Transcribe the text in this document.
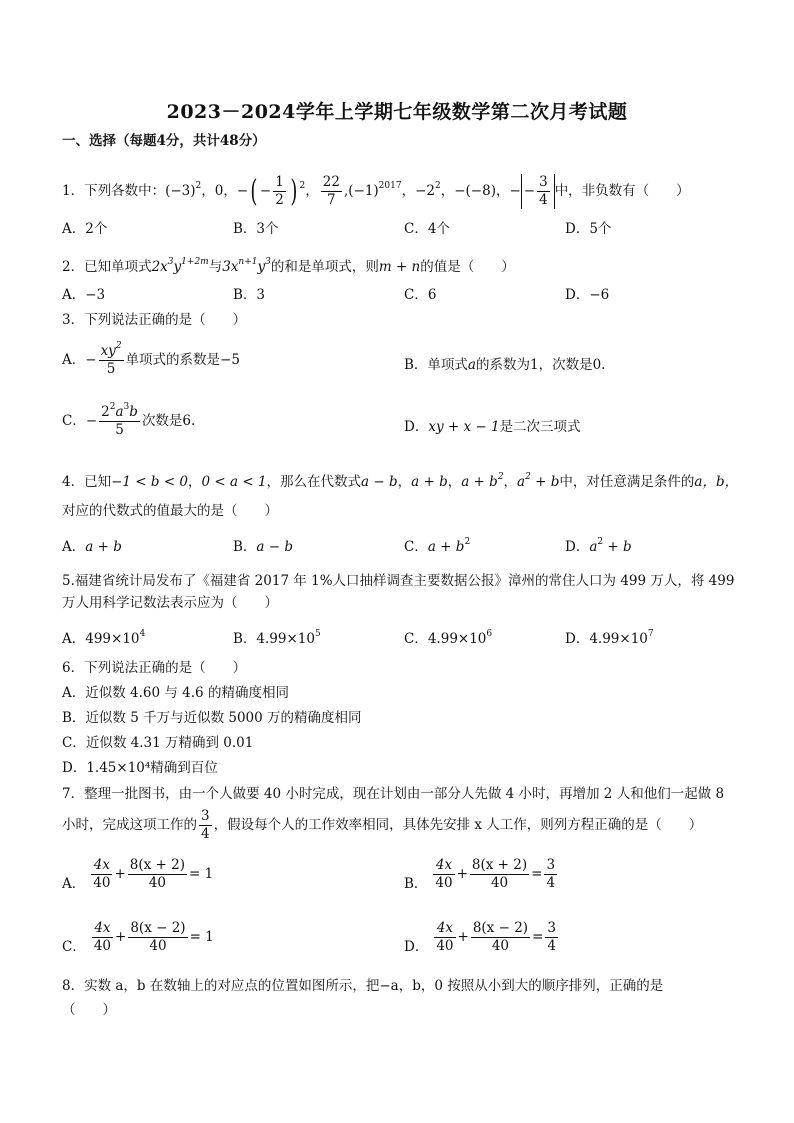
2023－2024学年上学期七年级数学第二次月考试题
一、选择（每题4分，共计48分）
1．下列各数中：$(-3)^2$，0，−( − $\frac{1}{2}$ ) $^2$， $\frac{22}{7} ,(-1)^{2017}$，$-2^2$，−(−8)，− − $\frac{3}{4}$ 中，非负数有（　　）
A．2个	B．3个	C．4个	D．5个
2．已知单项式$2x^3y^{1+2m}$与$3x^{n+1}y^3$的和是单项式，则m + n的值是（　　）
A．−3	B．3	C．6	D．−6
3．下列说法正确的是（　　）
A．− $\frac{xy^2}{5}$ 单项式的系数是−5	B．单项式a的系数为1，次数是0.
C．− $\frac{2^2a^3b}{5}$ 次数是6.	D．xy + x − 1是二次三项式
4．已知−1 < b < 0，0 < a < 1，那么在代数式a − b，a + b，$a + b^2$，$a^2 + b$中，对任意满足条件的a，b，
对应的代数式的值最大的是（　　）
A．a + b	B．a − b	C．$a + b^2$	D．$a^2 + b$
5.福建省统计局发布了《福建省 2017 年 1%人口抽样调查主要数据公报》漳州的常住人口为 499 万人，将 499
万人用科学记数法表示应为（　　）
A．$499\times 10^4$	B．$4.99\times 10^5$	C．$4.99\times 10^6$	D．$4.99\times 10^7$
6．下列说法正确的是（　　）
A．近似数 4.60 与 4.6 的精确度相同
B．近似数 5 千万与近似数 5000 万的精确度相同
C．近似数 4.31 万精确到 0.01
D．1.45×10⁴精确到百位
7．整理一批图书，由一个人做要 40 小时完成，现在计划由一部分人先做 4 小时，再增加 2 人和他们一起做 8
小时，完成这项工作的 $\frac{3}{4}$ ，假设每个人的工作效率相同，具体先安排 x 人工作，则列方程正确的是（　　）
A． $\frac{4x}{40} + \frac{8(x + 2)}{40} = 1$
B． $\frac{4x}{40} + \frac{8(x + 2)}{40} = \frac{3}{4}$
C． $\frac{4x}{40} + \frac{8(x - 2)}{40} = 1$
D． $\frac{4x}{40} + \frac{8(x - 2)}{40} = \frac{3}{4}$
8．实数 a，b 在数轴上的对应点的位置如图所示，把−a，b，0 按照从小到大的顺序排列，正确的是
（　　）
